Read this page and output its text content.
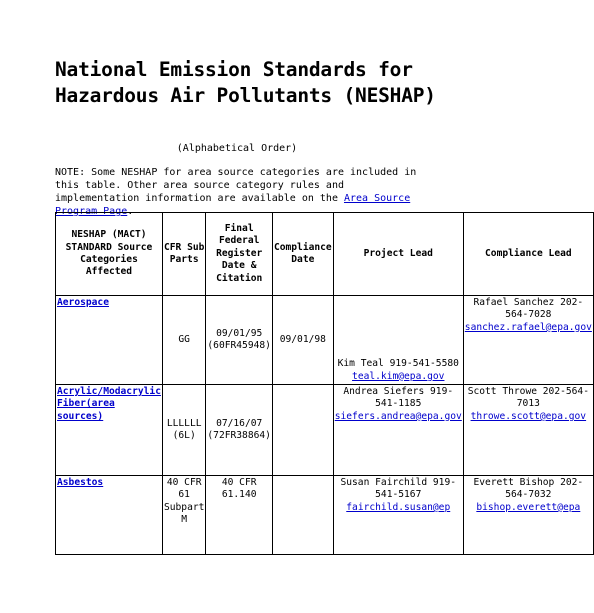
National Emission Standards for Hazardous Air Pollutants (NESHAP)
(Alphabetical Order)
NOTE: Some NESHAP for area source categories are included in this table. Other area source category rules and implementation information are available on the Area Source Program Page.
NESHAP (MACT) STANDARD Source Categories Affected	CFR Sub Parts	Final Federal Register Date & Citation	Compliance Date	Project Lead	Compliance Lead
Aerospace	GG	09/01/95 (60FR45948)	09/01/98	Kim Teal 919-541-5580 teal.kim@epa.gov	Rafael Sanchez 202-564-7028 sanchez.rafael@epa.gov
Acrylic/Modacrylic Fiber(area sources)	LLLLLL (6L)	07/16/07 (72FR38864)		Andrea Siefers 919-541-1185 siefers.andrea@epa.gov	Scott Throwe 202-564-7013 throwe.scott@epa.gov
Asbestos	40 CFR 61 Subpart M	40 CFR 61.140		Susan Fairchild 919-541-5167 fairchild.susan@ep	Everett Bishop 202-564-7032 bishop.everett@epa
